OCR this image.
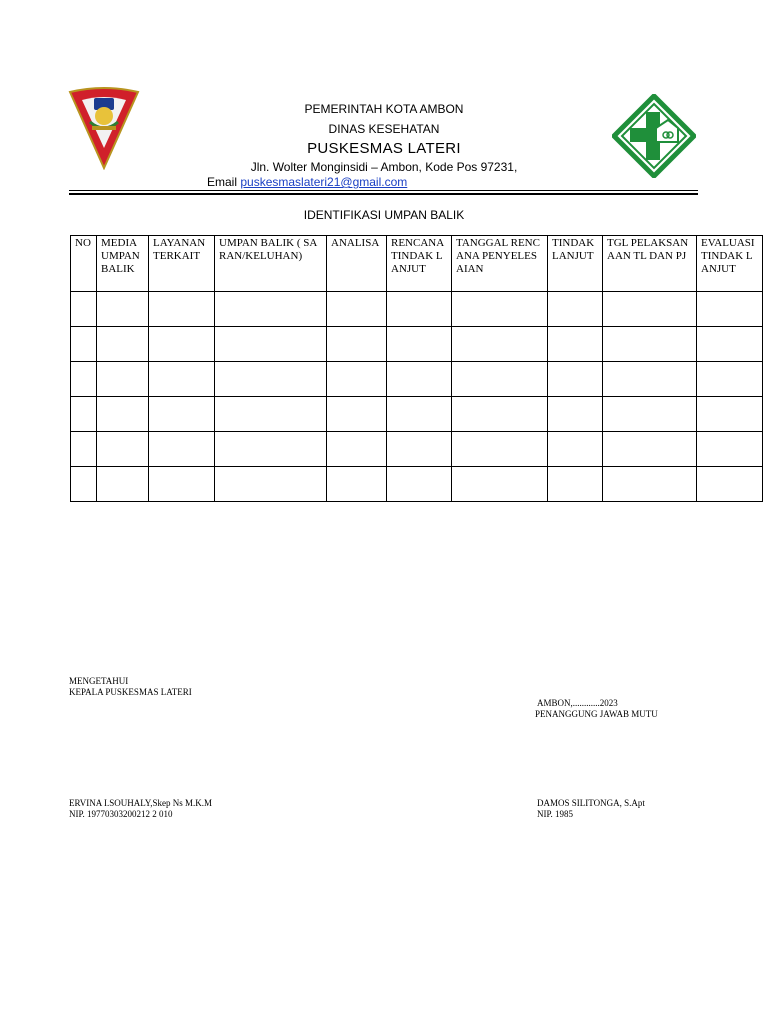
PEMERINTAH KOTA AMBON
DINAS KESEHATAN
PUSKESMAS LATERI
Jln. Wolter Monginsidi – Ambon, Kode Pos 97231,
Email puskesmaslateri21@gmail.com
IDENTIFIKASI UMPAN BALIK
NO	MEDIA UMPAN BALIK	LAYANAN TERKAIT	UMPAN BALIK ( SARAN/KELUHAN)	ANALISA	RENCANA TINDAK LANJUT	TANGGAL RENCANA PENYELESAIAN	TINDAK LANJUT	TGL PELAKSANAAN TL DAN PJ	EVALUASI TINDAK LANJUT

MENGETAHUI
KEPALA PUSKESMAS LATERI
AMBON,............2023
PENANGGUNG JAWAB MUTU
ERVINA I.SOUHALY,Skep Ns M.K.M
NIP. 19770303200212 2 010
DAMOS SILITONGA, S.Apt
NIP. 1985
